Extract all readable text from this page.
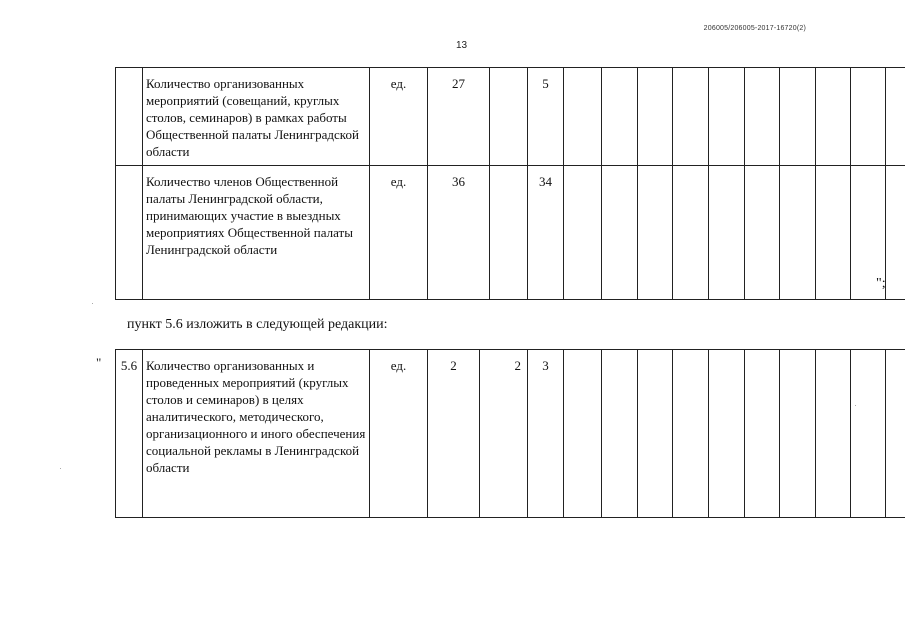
206005/206005-2017-16720(2)
13
	Количество организованных мероприятий (совещаний, круглых столов, семинаров) в рамках работы Общественной палаты Ленинградской области	ед.	27		5										
	Количество членов Общественной палаты Ленинградской области, принимающих участие в выездных мероприятиях Общественной палаты Ленинградской области	ед.	36		34										
";
пункт 5.6 изложить в следующей редакции:
" 5.6	Количество организованных и проведенных мероприятий (круглых столов и семинаров) в целях аналитического, методического, организационного и иного обеспечения социальной рекламы в Ленинградской области	ед.	2	2	3										
